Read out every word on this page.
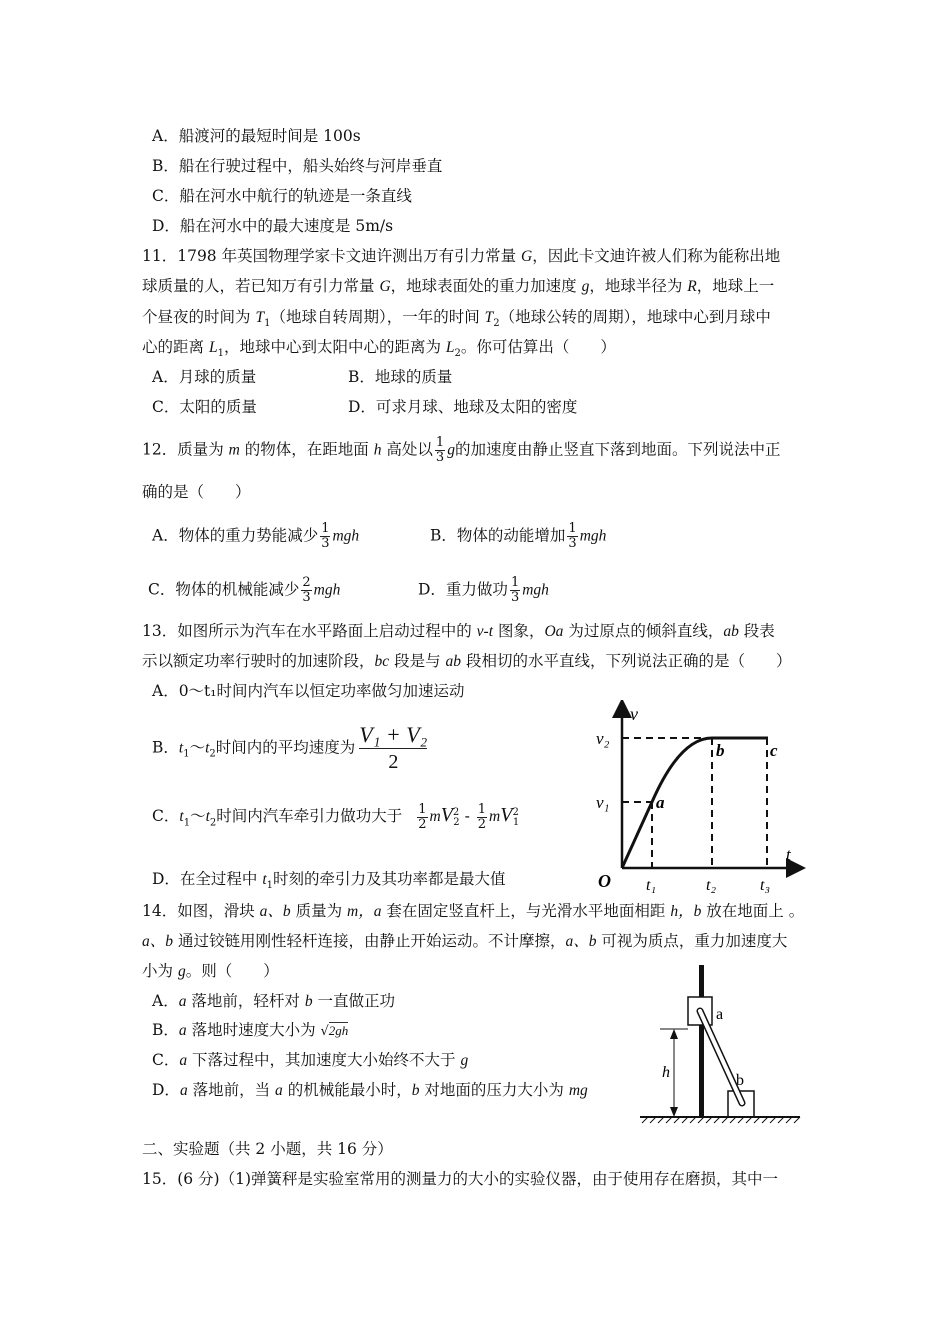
A．船渡河的最短时间是 100s
B．船在行驶过程中，船头始终与河岸垂直
C．船在河水中航行的轨迹是一条直线
D．船在河水中的最大速度是 5m/s
11．1798 年英国物理学家卡文迪许测出万有引力常量 G，因此卡文迪许被人们称为能称出地
球质量的人，若已知万有引力常量 G，地球表面处的重力加速度 g，地球半径为 R，地球上一
个昼夜的时间为 $T_1$（地球自转周期），一年的时间 $T_2$（地球公转的周期），地球中心到月球中
心的距离 $L_1$，地球中心到太阳中心的距离为 $L_2$。你可估算出（　　）
A．月球的质量	B．地球的质量
C．太阳的质量	D．可求月球、地球及太阳的密度
12．质量为 m 的物体，在距地面 h 高处以 $\frac{1}{3}$ g的加速度由静止竖直下落到地面。下列说法中正
确的是（　　）
A．物体的重力势能减少 $\frac{1}{3}$ mgh	B．物体的动能增加 $\frac{1}{3}$ mgh
C．物体的机械能减少 $\frac{2}{3}$ mgh	D．重力做功 $\frac{1}{3}$ mgh
13．如图所示为汽车在水平路面上启动过程中的 v-t 图象，Oa 为过原点的倾斜直线，ab 段表
示以额定功率行驶时的加速阶段，bc 段是与 ab 段相切的水平直线，下列说法正确的是（　　）
A．0～t₁时间内汽车以恒定功率做匀加速运动
B．$t_1\sim t_2$时间内的平均速度为 $\frac{\text{V₁ + V₂}}{2}$
C．$t_1\sim t_2$时间内汽车牵引力做功大于 $\frac{1}{2} mV^2_2 - \frac{1}{2} mV^2_1$
D．在全过程中 $t_1$时刻的牵引力及其功率都是最大值
v
t
O
v₂
v₁
t₁	t₂	t₃
a
b	c
14．如图，滑块 a、b 质量为 m，a 套在固定竖直杆上，与光滑水平地面相距 h，b 放在地面上 。
a、b 通过铰链用刚性轻杆连接，由静止开始运动。不计摩擦，a、b 可视为质点，重力加速度大
小为 g。则（　　）
A．a 落地前，轻杆对 b 一直做正功
B．a 落地时速度大小为 √2gh
C．a 下落过程中，其加速度大小始终不大于 g
D．a 落地前，当 a 的机械能最小时，b 对地面的压力大小为 mg
h
a
b
二、实验题（共 2 小题，共 16 分）
15．(6 分)（1)弹簧秤是实验室常用的测量力的大小的实验仪器，由于使用存在磨损，其中一
